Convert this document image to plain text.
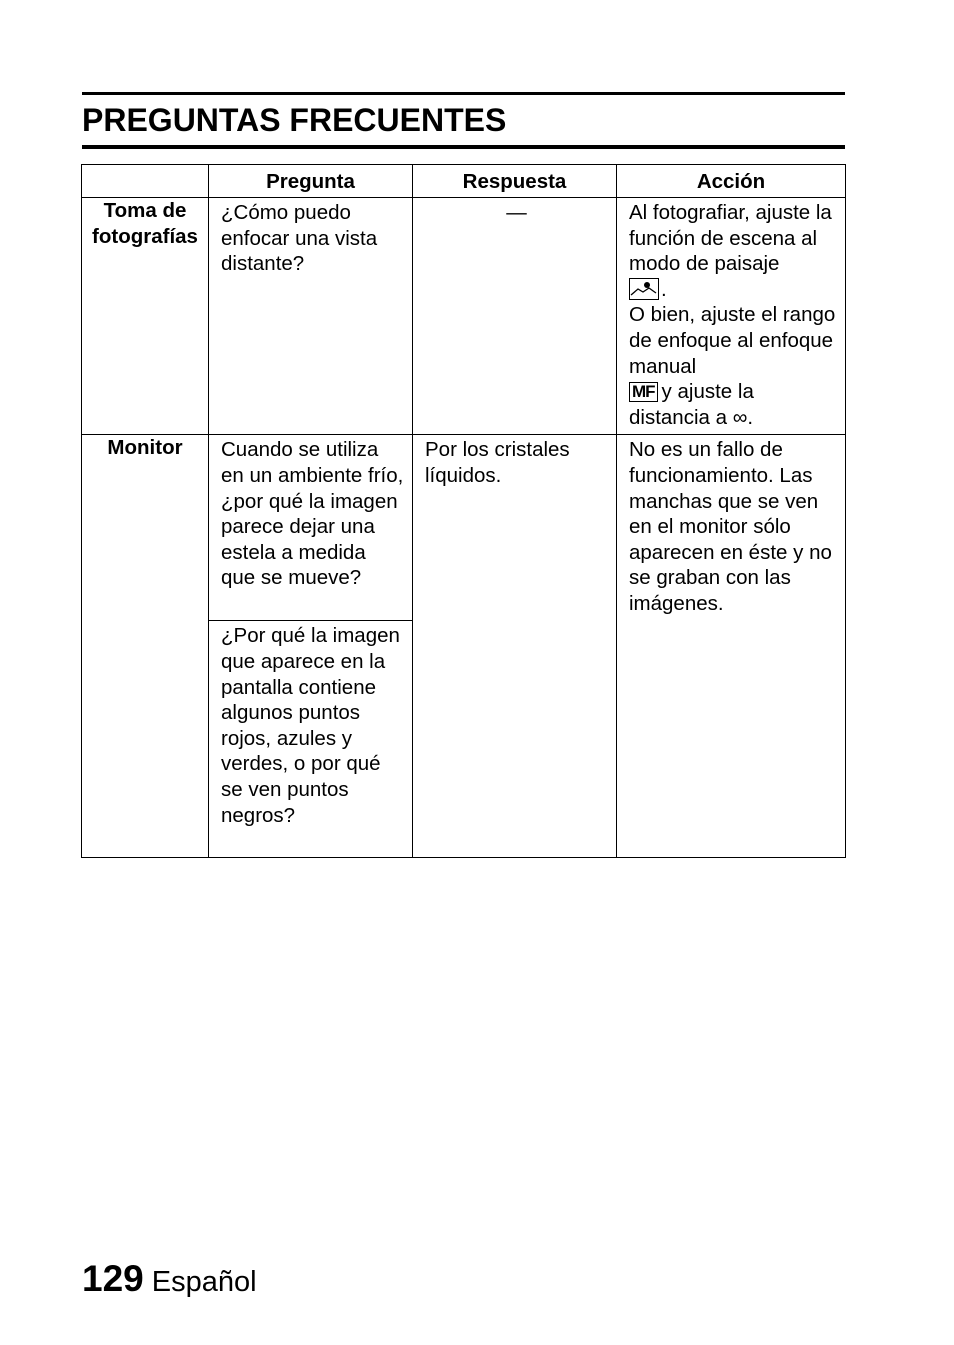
PREGUNTAS FRECUENTES
	Pregunta	Respuesta	Acción
Toma de fotografías	¿Cómo puedo enfocar una vista distante?	—	Al fotografiar, ajuste la función de escena al modo de paisaje

.
O bien, ajuste el rango de enfoque al enfoque manual
MF y ajuste la distancia a ∞.
Monitor	Cuando se utiliza en un ambiente frío, ¿por qué la imagen parece dejar una estela a medida que se mueve?	Por los cristales líquidos.	No es un fallo de funcionamiento. Las manchas que se ven en el monitor sólo aparecen en éste y no se graban con las imágenes.
	¿Por qué la imagen que aparece en la pantalla contiene algunos puntos rojos, azules y verdes, o por qué se ven puntos negros?		
129 Español
